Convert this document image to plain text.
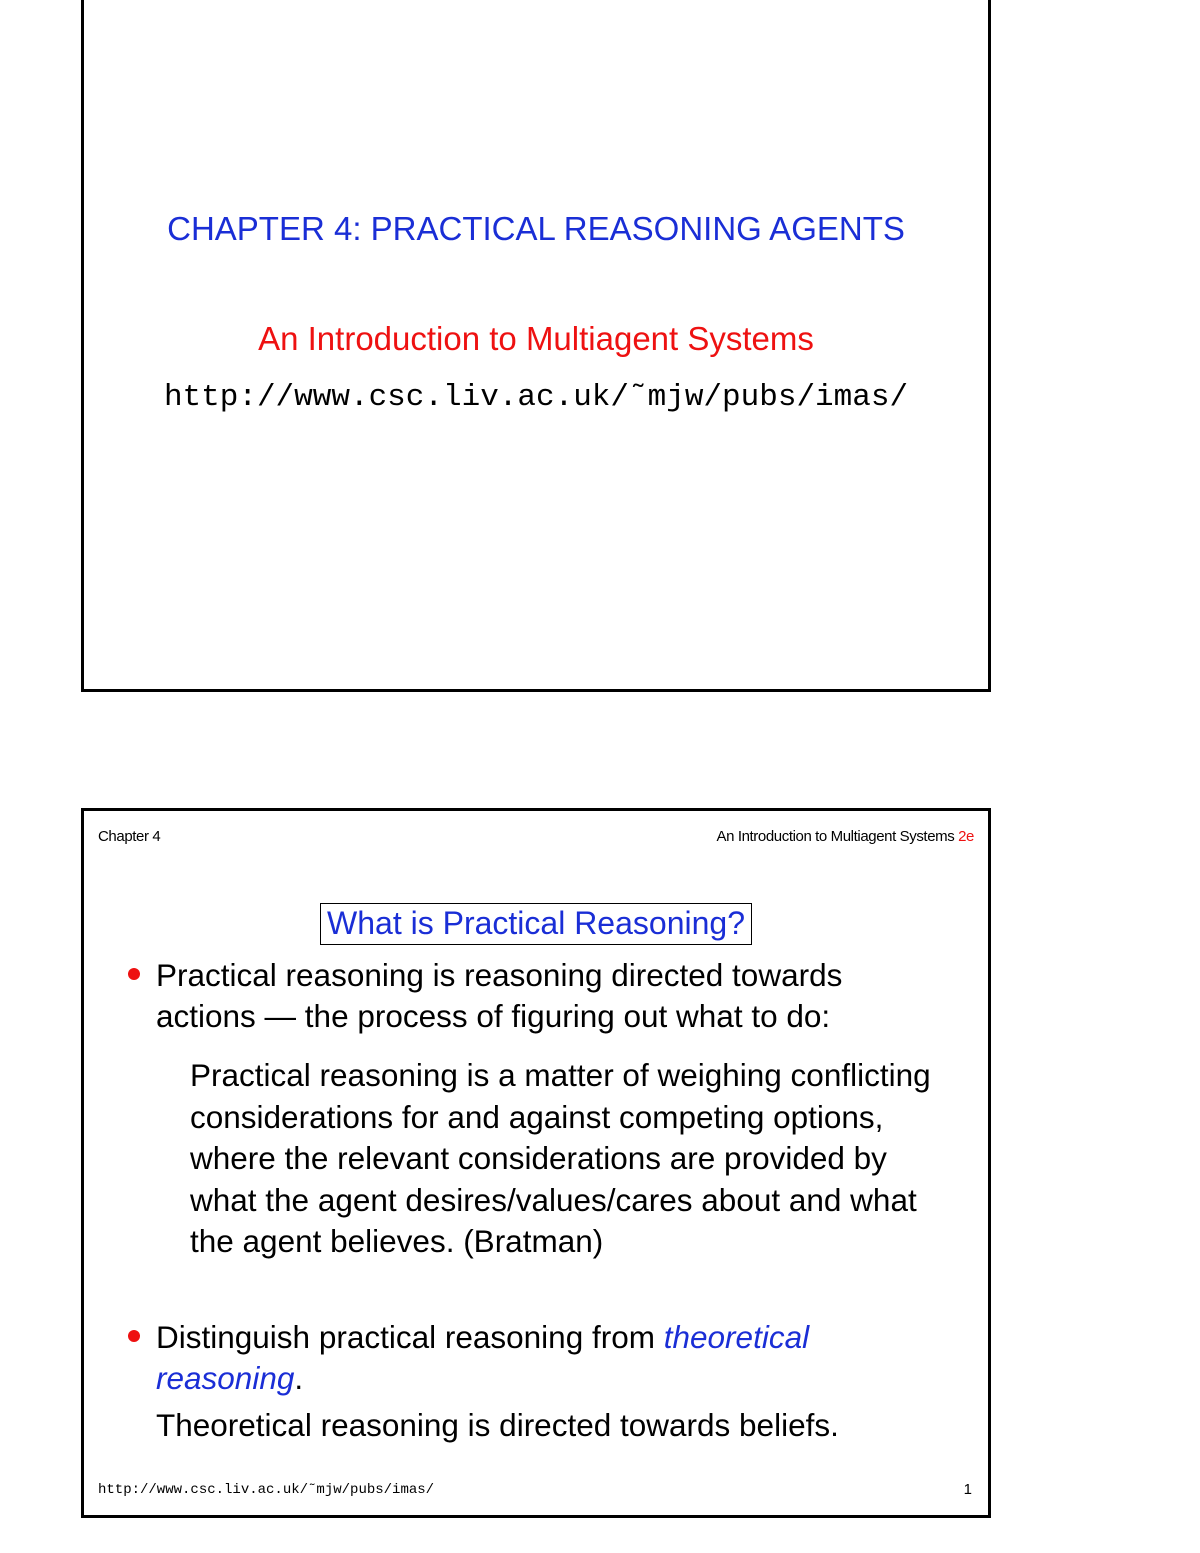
CHAPTER 4: PRACTICAL REASONING AGENTS
An Introduction to Multiagent Systems
http://www.csc.liv.ac.uk/˜mjw/pubs/imas/
Chapter 4	An Introduction to Multiagent Systems 2e
What is Practical Reasoning?
Practical reasoning is reasoning directed towards actions — the process of figuring out what to do:
Practical reasoning is a matter of weighing conflicting considerations for and against competing options, where the relevant considerations are provided by what the agent desires/values/cares about and what the agent believes. (Bratman)
Distinguish practical reasoning from theoretical reasoning.
Theoretical reasoning is directed towards beliefs.
http://www.csc.liv.ac.uk/˜mjw/pubs/imas/	1
